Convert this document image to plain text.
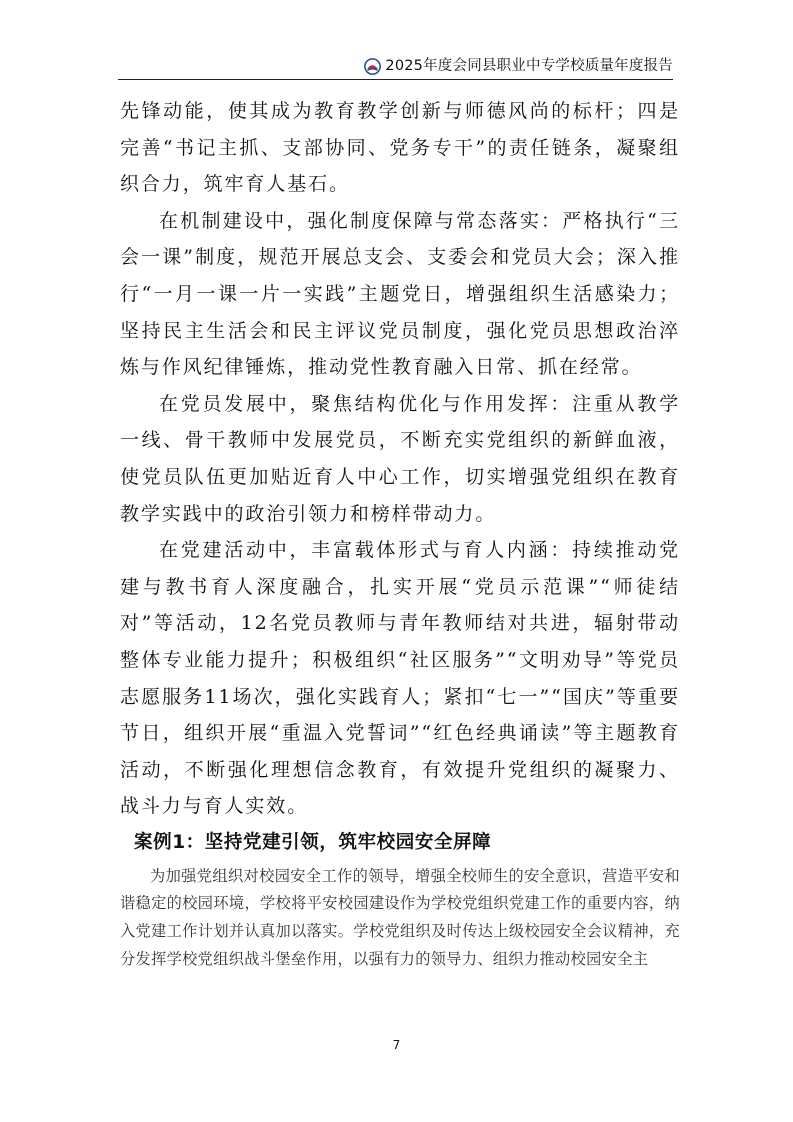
2025年度会同县职业中专学校质量年度报告

先锋动能，使其成为教育教学创新与师德风尚的标杆；四是完善“书记主抓、支部协同、党务专干”的责任链条，凝聚组织合力，筑牢育人基石。

在机制建设中，强化制度保障与常态落实：严格执行“三会一课”制度，规范开展总支会、支委会和党员大会；深入推行“一月一课一片一实践”主题党日，增强组织生活感染力；坚持民主生活会和民主评议党员制度，强化党员思想政治淬炼与作风纪律锤炼，推动党性教育融入日常、抓在经常。

在党员发展中，聚焦结构优化与作用发挥：注重从教学一线、骨干教师中发展党员，不断充实党组织的新鲜血液，使党员队伍更加贴近育人中心工作，切实增强党组织在教育教学实践中的政治引领力和榜样带动力。

在党建活动中，丰富载体形式与育人内涵：持续推动党建与教书育人深度融合，扎实开展“党员示范课”“师徒结对”等活动，12名党员教师与青年教师结对共进，辐射带动整体专业能力提升；积极组织“社区服务”“文明劝导”等党员志愿服务11场次，强化实践育人；紧扣“七一”“国庆”等重要节日，组织开展“重温入党誓词”“红色经典诵读”等主题教育活动，不断强化理想信念教育，有效提升党组织的凝聚力、战斗力与育人实效。

案例1：坚持党建引领，筑牢校园安全屏障

为加强党组织对校园安全工作的领导，增强全校师生的安全意识，营造平安和谐稳定的校园环境，学校将平安校园建设作为学校党组织党建工作的重要内容，纳入党建工作计划并认真加以落实。学校党组织及时传达上级校园安全会议精神，充分发挥学校党组织战斗堡垒作用，以强有力的领导力、组织力推动校园安全主

7
